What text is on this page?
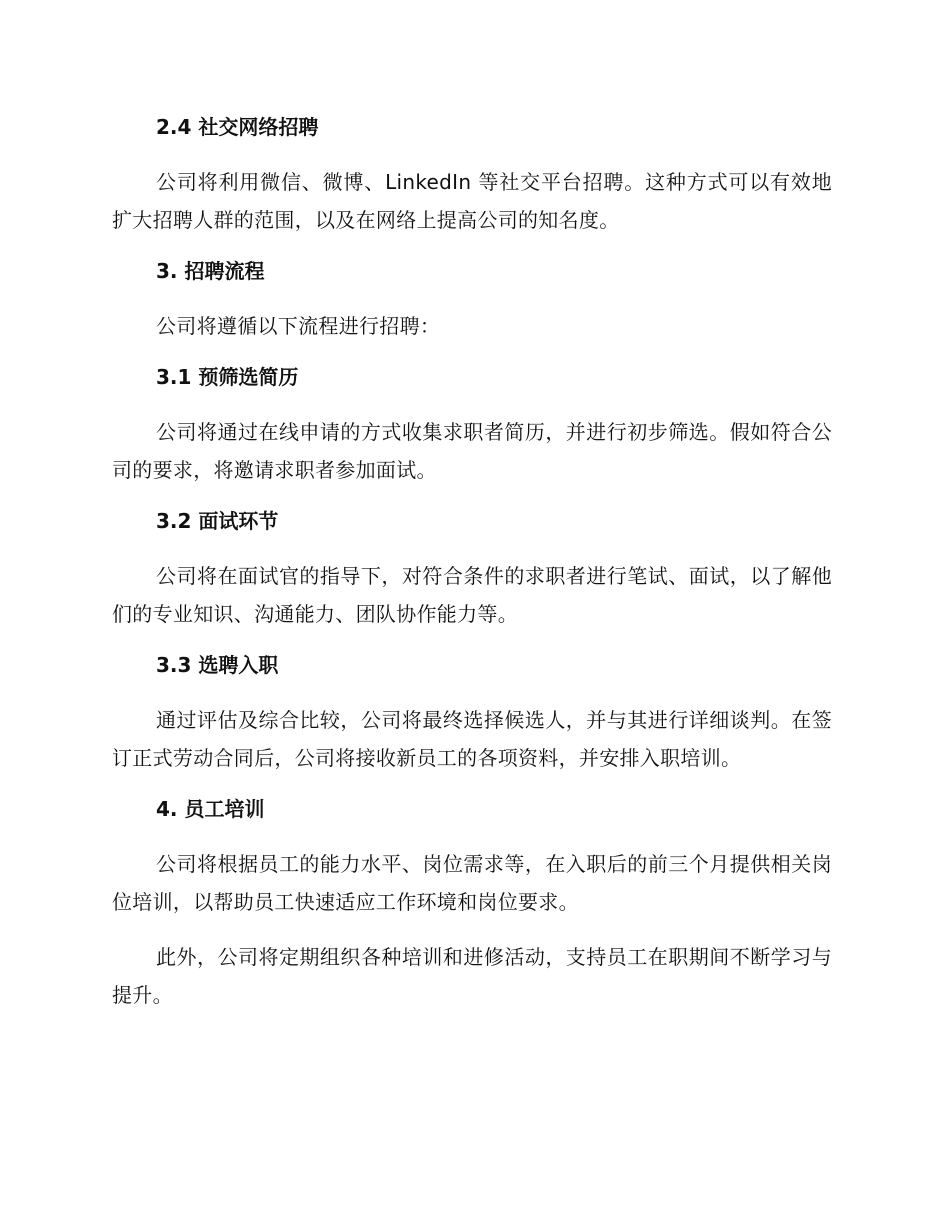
2.4 社交网络招聘

公司将利用微信、微博、LinkedIn 等社交平台招聘。这种方式可以有效地扩大招聘人群的范围，以及在网络上提高公司的知名度。

3. 招聘流程

公司将遵循以下流程进行招聘：

3.1 预筛选简历

公司将通过在线申请的方式收集求职者简历，并进行初步筛选。假如符合公司的要求，将邀请求职者参加面试。

3.2 面试环节

公司将在面试官的指导下，对符合条件的求职者进行笔试、面试，以了解他们的专业知识、沟通能力、团队协作能力等。

3.3 选聘入职

通过评估及综合比较，公司将最终选择候选人，并与其进行详细谈判。在签订正式劳动合同后，公司将接收新员工的各项资料，并安排入职培训。

4. 员工培训

公司将根据员工的能力水平、岗位需求等，在入职后的前三个月提供相关岗位培训，以帮助员工快速适应工作环境和岗位要求。

此外，公司将定期组织各种培训和进修活动，支持员工在职期间不断学习与提升。
